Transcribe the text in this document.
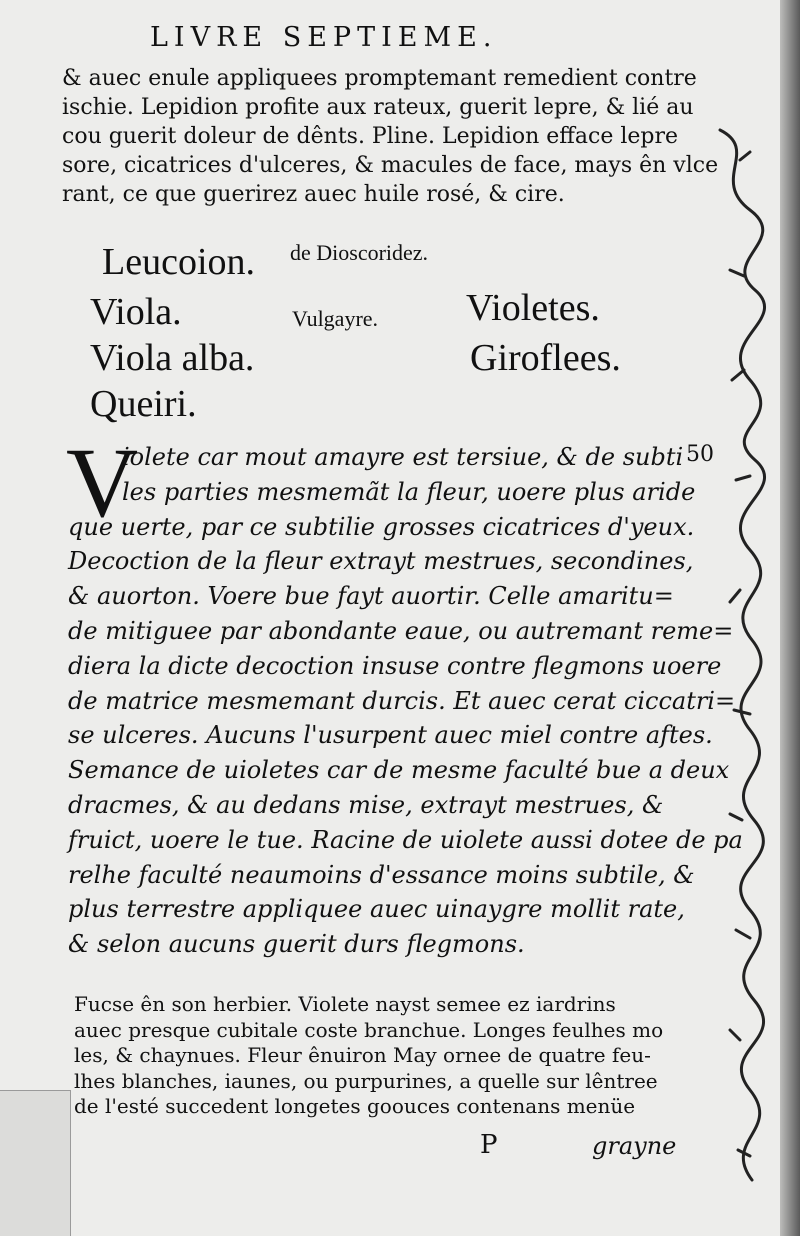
LIVRE SEPTIEME.
& auec enule appliquees promptemant remedient contre
ischie. Lepidion profite aux rateux, guerit lepre, & lié au
cou guerit doleur de dênts. Pline. Lepidion efface lepre
sore, cicatrices d'ulceres, & macules de face, mays ên vlce
rant, ce que guerirez auec huile rosé, & cire.
Leucoion. de Dioscoridez.
Viola.	Vulgayre. Violetes.
Viola alba.	Giroflees.
Queiri.
V	50
iolete car mout amayre est tersiue, & de subti
les parties mesmemãt la fleur, uoere plus aride
que uerte, par ce subtilie grosses cicatrices d'yeux.
Decoction de la fleur extrayt mestrues, secondines,
& auorton. Voere bue fayt auortir. Celle amaritu=
de mitiguee par abondante eaue, ou autremant reme=
diera la dicte decoction insuse contre flegmons uoere
de matrice mesmemant durcis. Et auec cerat ciccatri=
se ulceres. Aucuns l'usurpent auec miel contre aftes.
Semance de uioletes car de mesme faculté bue a deux
dracmes, & au dedans mise, extrayt mestrues, &
fruict, uoere le tue. Racine de uiolete aussi dotee de pa
relhe faculté neaumoins d'essance moins subtile, &
plus terrestre appliquee auec uinaygre mollit rate,
& selon aucuns guerit durs flegmons.
Fucse ên son herbier. Violete nayst semee ez iardrins
auec presque cubitale coste branchue. Longes feulhes mo
les, & chaynues. Fleur ênuiron May ornee de quatre feu-
lhes blanches, iaunes, ou purpurines, a quelle sur lêntree
de l'esté succedent longetes goouces contenans menüe
P	grayne
